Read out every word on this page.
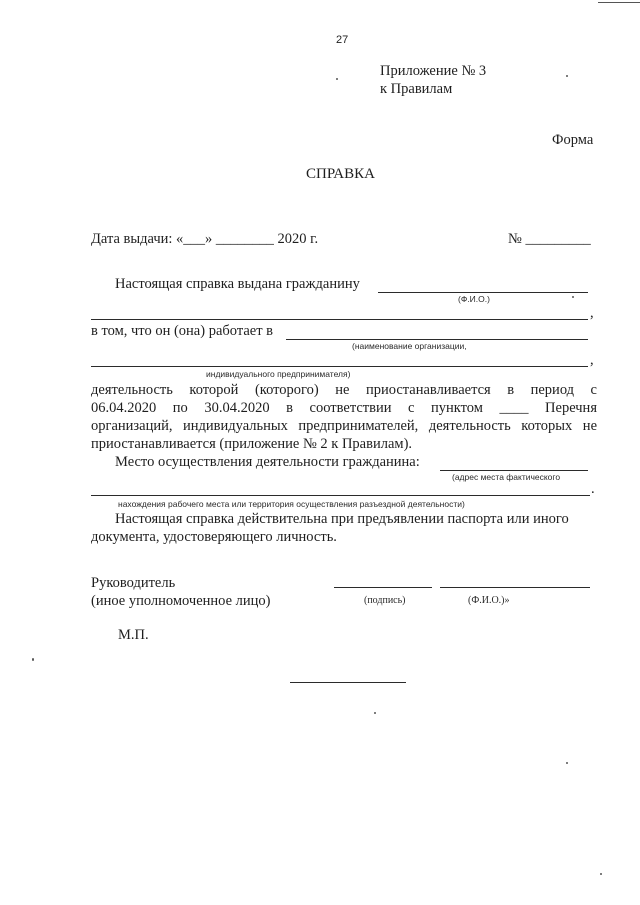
27
Приложение № 3
к Правилам
Форма
СПРАВКА
Дата выдачи: «___» ________ 2020 г.	№ _________
Настоящая справка выдана гражданину
(Ф.И.О.)
,
в том, что он (она) работает в
(наименование организации,
,
индивидуального предпринимателя)
деятельность которой (которого) не приостанавливается в период с
06.04.2020 по 30.04.2020 в соответствии с пунктом ____ Перечня
организаций, индивидуальных предпринимателей, деятельность которых не
приостанавливается (приложение № 2 к Правилам).
Место осуществления деятельности гражданина:
(адрес места фактического
.
нахождения рабочего места или территория осуществления разъездной деятельности)
Настоящая справка действительна при предъявлении паспорта или иного
документа, удостоверяющего личность.
Руководитель
(иное уполномоченное лицо)	(подпись)	(Ф.И.О.)»
М.П.
